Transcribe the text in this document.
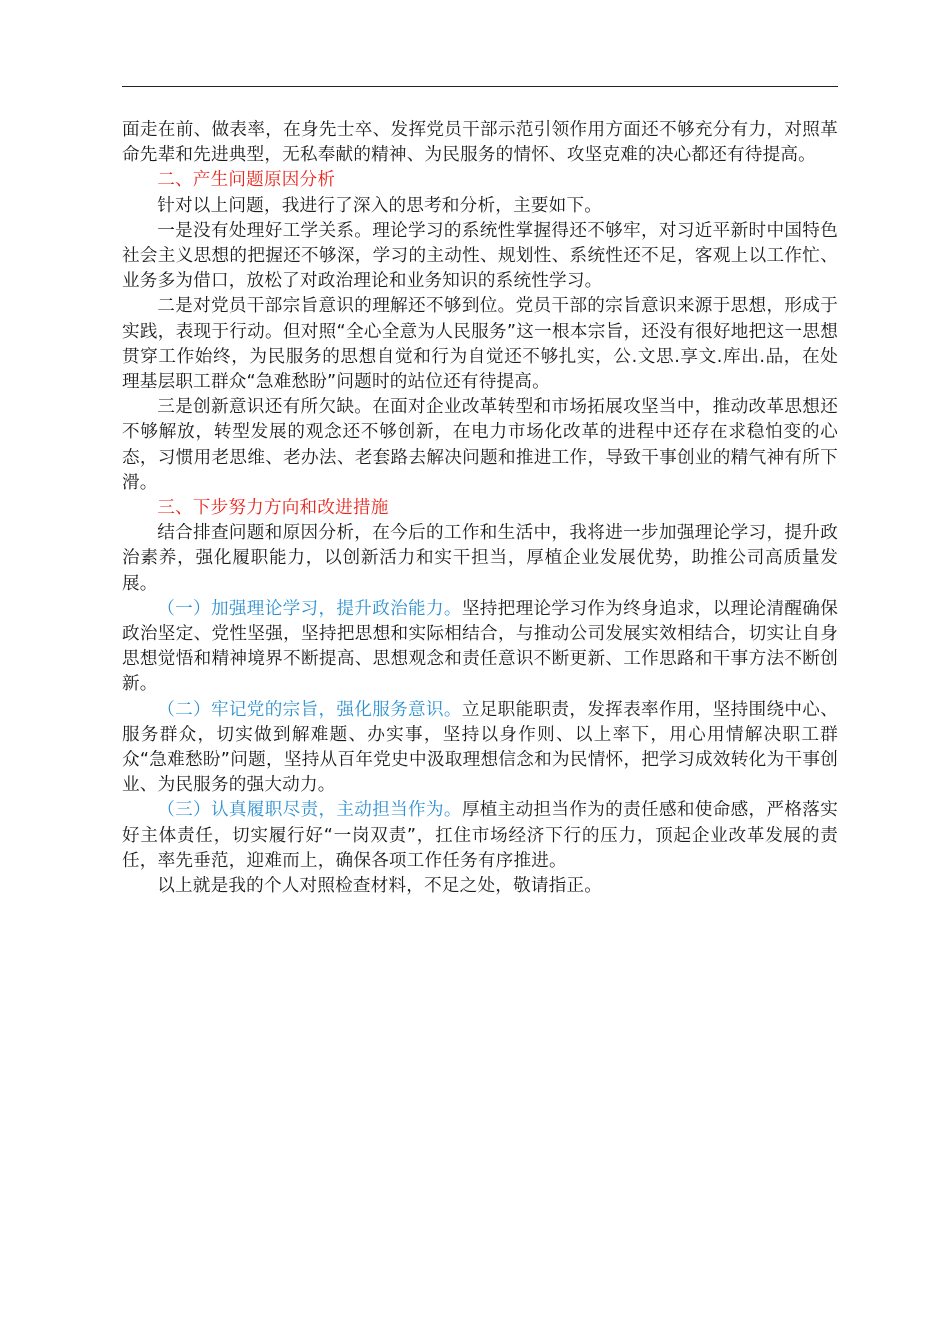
面走在前、做表率，在身先士卒、发挥党员干部示范引领作用方面还不够充分有力，对照革命先辈和先进典型，无私奉献的精神、为民服务的情怀、攻坚克难的决心都还有待提高。

二、产生问题原因分析

针对以上问题，我进行了深入的思考和分析，主要如下。

一是没有处理好工学关系。理论学习的系统性掌握得还不够牢，对习近平新时中国特色社会主义思想的把握还不够深，学习的主动性、规划性、系统性还不足，客观上以工作忙、业务多为借口，放松了对政治理论和业务知识的系统性学习。

二是对党员干部宗旨意识的理解还不够到位。党员干部的宗旨意识来源于思想，形成于实践，表现于行动。但对照“全心全意为人民服务”这一根本宗旨，还没有很好地把这一思想贯穿工作始终，为民服务的思想自觉和行为自觉还不够扎实，公.文思.享文.库出.品，在处理基层职工群众“急难愁盼”问题时的站位还有待提高。

三是创新意识还有所欠缺。在面对企业改革转型和市场拓展攻坚当中，推动改革思想还不够解放，转型发展的观念还不够创新，在电力市场化改革的进程中还存在求稳怕变的心态，习惯用老思维、老办法、老套路去解决问题和推进工作，导致干事创业的精气神有所下滑。

三、下步努力方向和改进措施

结合排查问题和原因分析，在今后的工作和生活中，我将进一步加强理论学习，提升政治素养，强化履职能力，以创新活力和实干担当，厚植企业发展优势，助推公司高质量发展。

（一）加强理论学习，提升政治能力。坚持把理论学习作为终身追求，以理论清醒确保政治坚定、党性坚强，坚持把思想和实际相结合，与推动公司发展实效相结合，切实让自身思想觉悟和精神境界不断提高、思想观念和责任意识不断更新、工作思路和干事方法不断创新。

（二）牢记党的宗旨，强化服务意识。立足职能职责，发挥表率作用，坚持围绕中心、服务群众，切实做到解难题、办实事，坚持以身作则、以上率下，用心用情解决职工群众“急难愁盼”问题，坚持从百年党史中汲取理想信念和为民情怀，把学习成效转化为干事创业、为民服务的强大动力。

（三）认真履职尽责，主动担当作为。厚植主动担当作为的责任感和使命感，严格落实好主体责任，切实履行好“一岗双责”，扛住市场经济下行的压力，顶起企业改革发展的责任，率先垂范，迎难而上，确保各项工作任务有序推进。

以上就是我的个人对照检查材料，不足之处，敬请指正。
